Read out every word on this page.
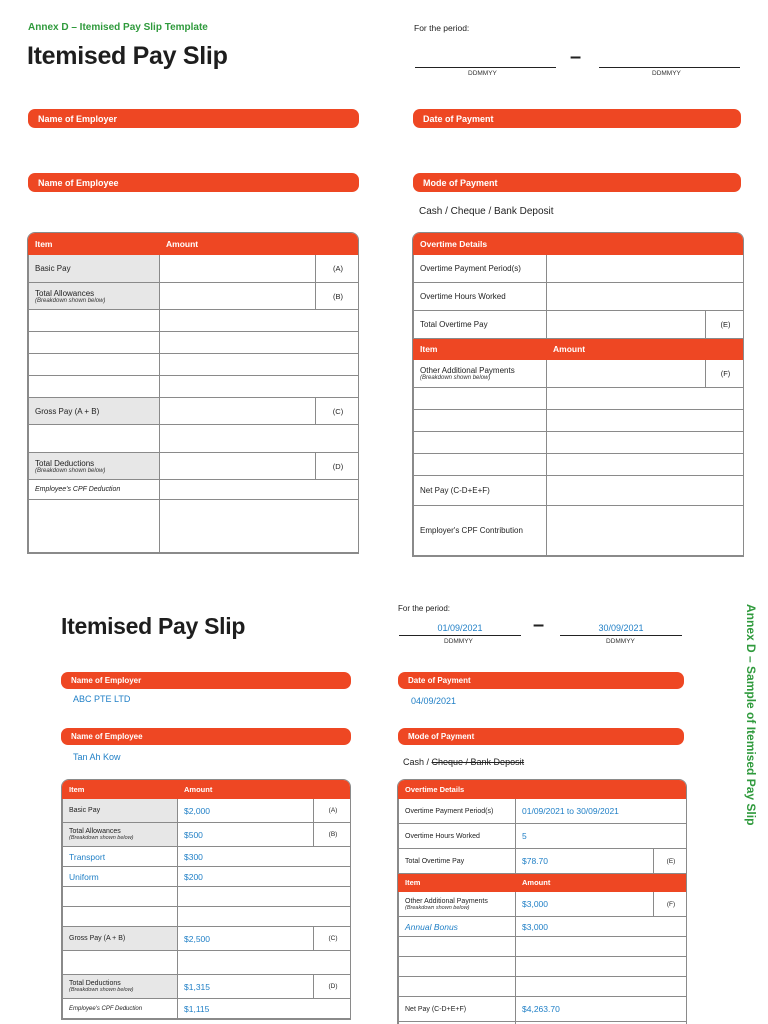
Annex D – Itemised Pay Slip Template
Itemised Pay Slip
For the period:
–
DDMMYY	DDMMYY
Name of Employer	Date of Payment
Name of Employee	Mode of Payment
Cash / Cheque / Bank Deposit
Item	Amount	
Basic Pay		(A)
Total Allowances
(Breakdown shown below)		(B)

Gross Pay (A + B)		(C)

Total Deductions
(Breakdown shown below)		(D)
Employee's CPF Deduction		

Overtime Details		
Overtime Payment Period(s)		
Overtime Hours Worked		
Total Overtime Pay		(E)
Item	Amount	
Other Additional Payments
(Breakdown shown below)		(F)

Net Pay (C-D+E+F)		
Employer's CPF Contribution		
Annex D – Sample of Itemised Pay Slip
Itemised Pay Slip
For the period:
01/09/2021	–	30/09/2021
DDMMYY	DDMMYY
Name of Employer
ABC PTE LTD
Date of Payment
04/09/2021
Name of Employee
Tan Ah Kow
Mode of Payment
Cash / Cheque / Bank Deposit
Item	Amount	
Basic Pay	$2,000	(A)
Total Allowances
(Breakdown shown below)	$500	(B)
Transport	$300	
Uniform	$200	

Gross Pay (A + B)	$2,500	(C)

Total Deductions
(Breakdown shown below)	$1,315	(D)
Employee's CPF Deduction	$1,115	
Overtime Details		
Overtime Payment Period(s)	01/09/2021 to 30/09/2021	
Overtime Hours Worked	5	
Total Overtime Pay	$78.70	(E)
Item	Amount	
Other Additional Payments
(Breakdown shown below)	$3,000	(F)
Annual Bonus	$3,000	

Net Pay (C-D+E+F)	$4,263.70	
